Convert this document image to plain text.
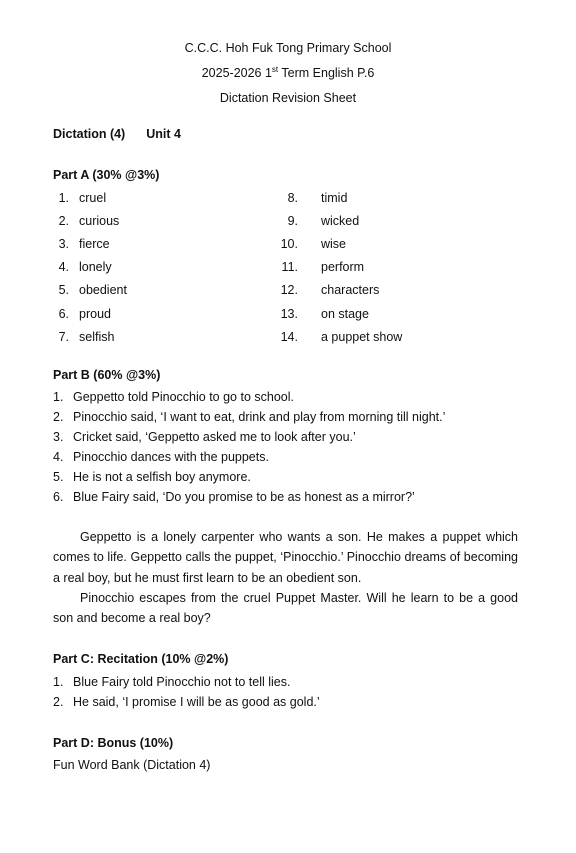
C.C.C. Hoh Fuk Tong Primary School
2025-2026 1st Term English P.6
Dictation Revision Sheet
Dictation (4) Unit 4
Part A (30% @3%)
1. cruel
2. curious
3. fierce
4. lonely
5. obedient
6. proud
7. selfish
8. timid
9. wicked
10. wise
11. perform
12. characters
13. on stage
14. a puppet show
Part B (60% @3%)
1. Geppetto told Pinocchio to go to school.
2. Pinocchio said, ‘I want to eat, drink and play from morning till night.’
3. Cricket said, ‘Geppetto asked me to look after you.’
4. Pinocchio dances with the puppets.
5. He is not a selfish boy anymore.
6. Blue Fairy said, ‘Do you promise to be as honest as a mirror?’
Geppetto is a lonely carpenter who wants a son. He makes a puppet which comes to life. Geppetto calls the puppet, ‘Pinocchio.’ Pinocchio dreams of becoming a real boy, but he must first learn to be an obedient son.
Pinocchio escapes from the cruel Puppet Master. Will he learn to be a good son and become a real boy?
Part C: Recitation (10% @2%)
1. Blue Fairy told Pinocchio not to tell lies.
2. He said, ‘I promise I will be as good as gold.’
Part D: Bonus (10%)
Fun Word Bank (Dictation 4)
